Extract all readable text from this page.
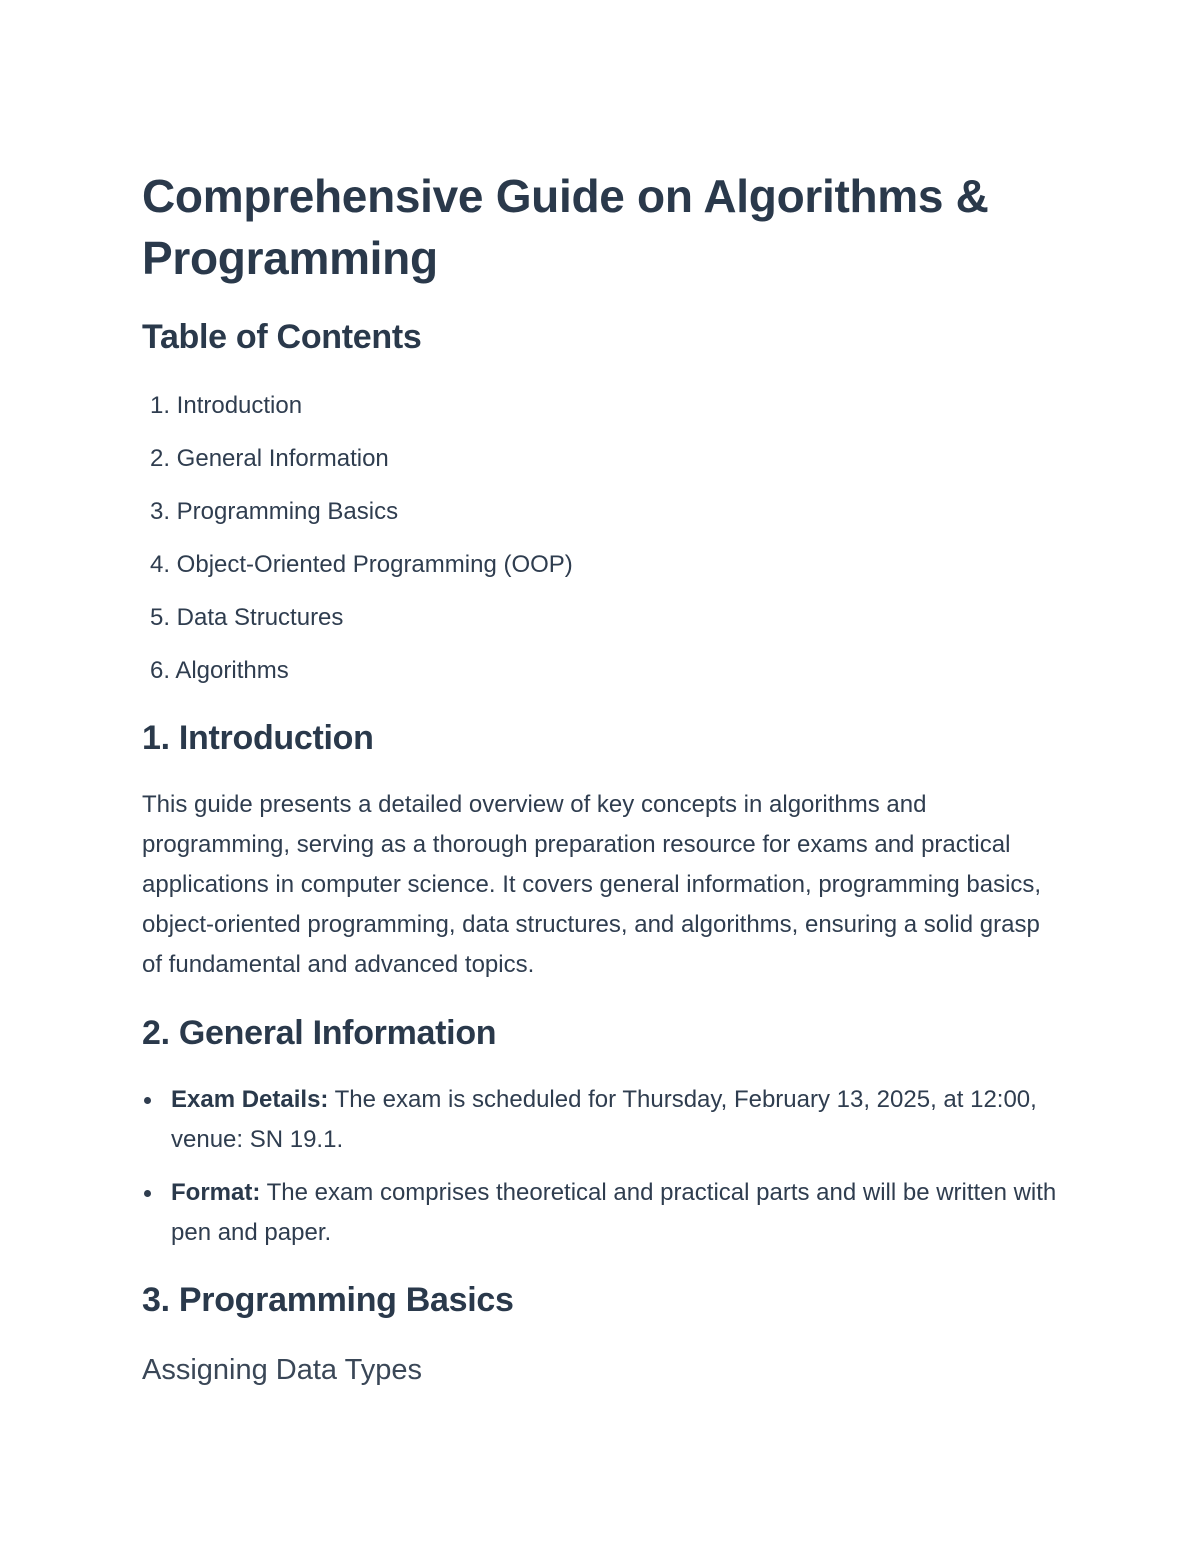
Comprehensive Guide on Algorithms & Programming
Table of Contents
1. Introduction
2. General Information
3. Programming Basics
4. Object-Oriented Programming (OOP)
5. Data Structures
6. Algorithms
1. Introduction

This guide presents a detailed overview of key concepts in algorithms and programming, serving as a thorough preparation resource for exams and practical applications in computer science. It covers general information, programming basics, object-oriented programming, data structures, and algorithms, ensuring a solid grasp of fundamental and advanced topics.

2. General Information
Exam Details: The exam is scheduled for Thursday, February 13, 2025, at 12:00, venue: SN 19.1.
Format: The exam comprises theoretical and practical parts and will be written with pen and paper.
3. Programming Basics
Assigning Data Types
